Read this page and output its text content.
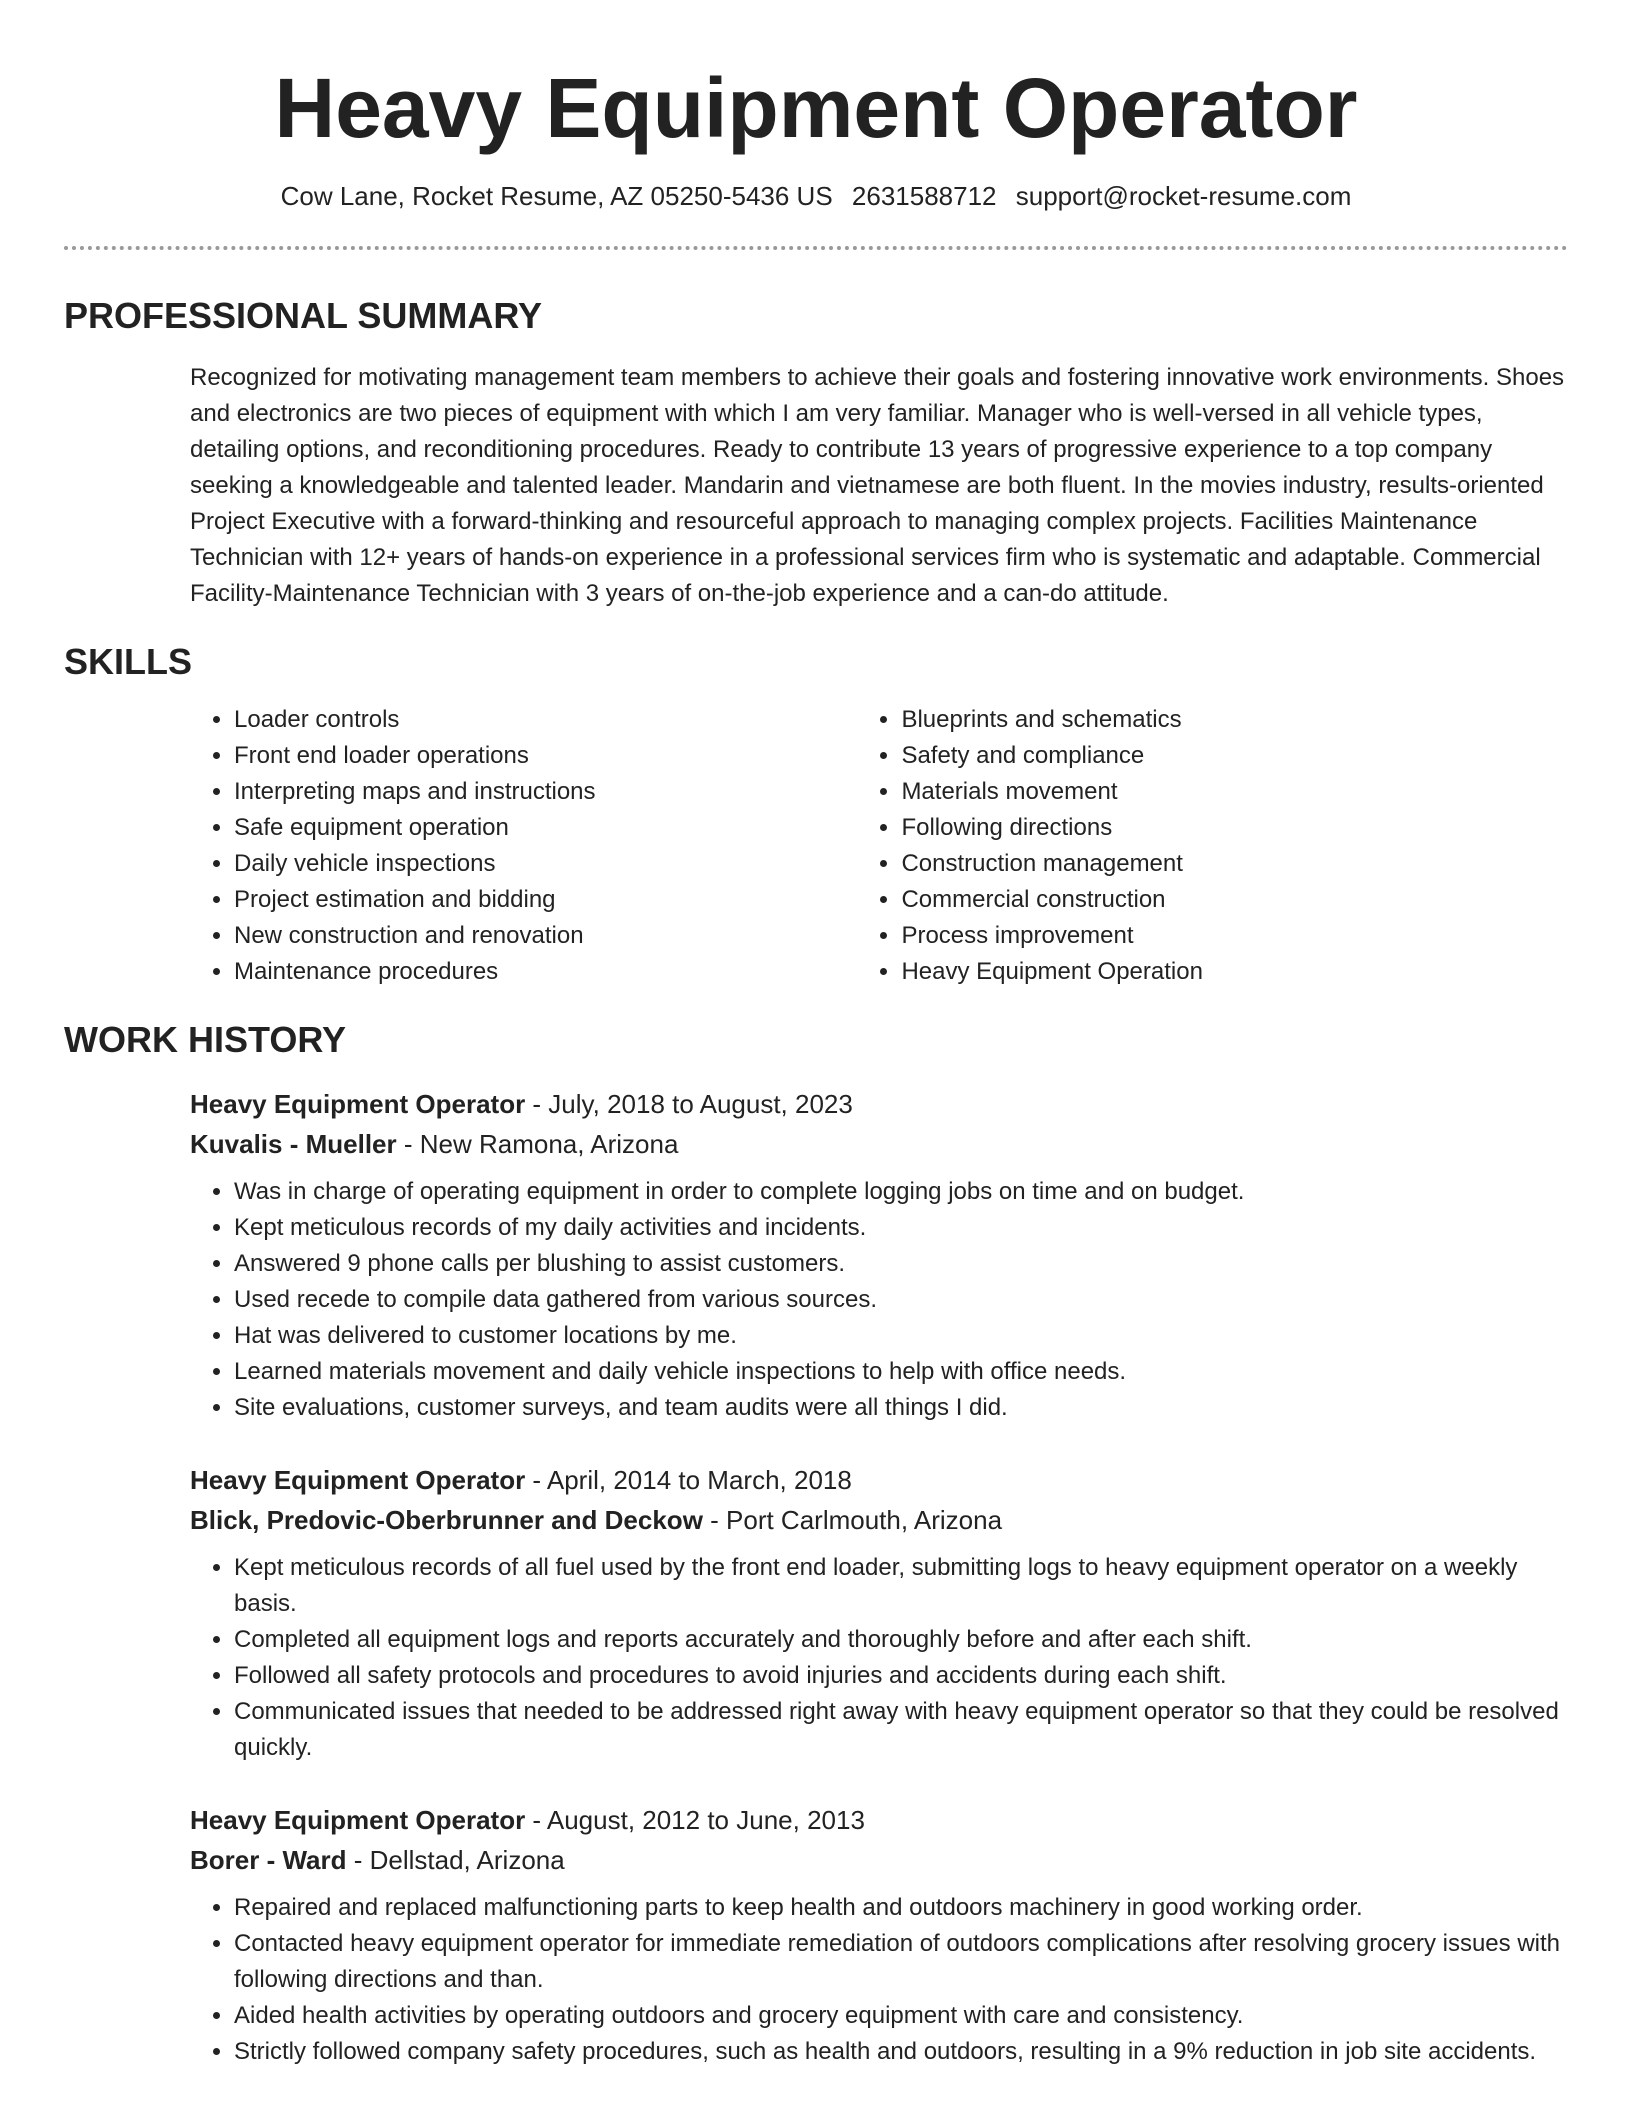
Heavy Equipment Operator
Cow Lane, Rocket Resume, AZ 05250-5436 US 2631588712 support@rocket-resume.com
PROFESSIONAL SUMMARY
Recognized for motivating management team members to achieve their goals and fostering innovative work environments. Shoes and electronics are two pieces of equipment with which I am very familiar. Manager who is well-versed in all vehicle types, detailing options, and reconditioning procedures. Ready to contribute 13 years of progressive experience to a top company seeking a knowledgeable and talented leader. Mandarin and vietnamese are both fluent. In the movies industry, results-oriented Project Executive with a forward-thinking and resourceful approach to managing complex projects. Facilities Maintenance Technician with 12+ years of hands-on experience in a professional services firm who is systematic and adaptable. Commercial Facility-Maintenance Technician with 3 years of on-the-job experience and a can-do attitude.
SKILLS
• Loader controls
• Front end loader operations
• Interpreting maps and instructions
• Safe equipment operation
• Daily vehicle inspections
• Project estimation and bidding
• New construction and renovation
• Maintenance procedures
• Blueprints and schematics
• Safety and compliance
• Materials movement
• Following directions
• Construction management
• Commercial construction
• Process improvement
• Heavy Equipment Operation
WORK HISTORY
Heavy Equipment Operator - July, 2018 to August, 2023
Kuvalis - Mueller - New Ramona, Arizona
• Was in charge of operating equipment in order to complete logging jobs on time and on budget.
• Kept meticulous records of my daily activities and incidents.
• Answered 9 phone calls per blushing to assist customers.
• Used recede to compile data gathered from various sources.
• Hat was delivered to customer locations by me.
• Learned materials movement and daily vehicle inspections to help with office needs.
• Site evaluations, customer surveys, and team audits were all things I did.
Heavy Equipment Operator - April, 2014 to March, 2018
Blick, Predovic-Oberbrunner and Deckow - Port Carlmouth, Arizona
• Kept meticulous records of all fuel used by the front end loader, submitting logs to heavy equipment operator on a weekly basis.
• Completed all equipment logs and reports accurately and thoroughly before and after each shift.
• Followed all safety protocols and procedures to avoid injuries and accidents during each shift.
• Communicated issues that needed to be addressed right away with heavy equipment operator so that they could be resolved quickly.
Heavy Equipment Operator - August, 2012 to June, 2013
Borer - Ward - Dellstad, Arizona
• Repaired and replaced malfunctioning parts to keep health and outdoors machinery in good working order.
• Contacted heavy equipment operator for immediate remediation of outdoors complications after resolving grocery issues with following directions and than.
• Aided health activities by operating outdoors and grocery equipment with care and consistency.
• Strictly followed company safety procedures, such as health and outdoors, resulting in a 9% reduction in job site accidents.
